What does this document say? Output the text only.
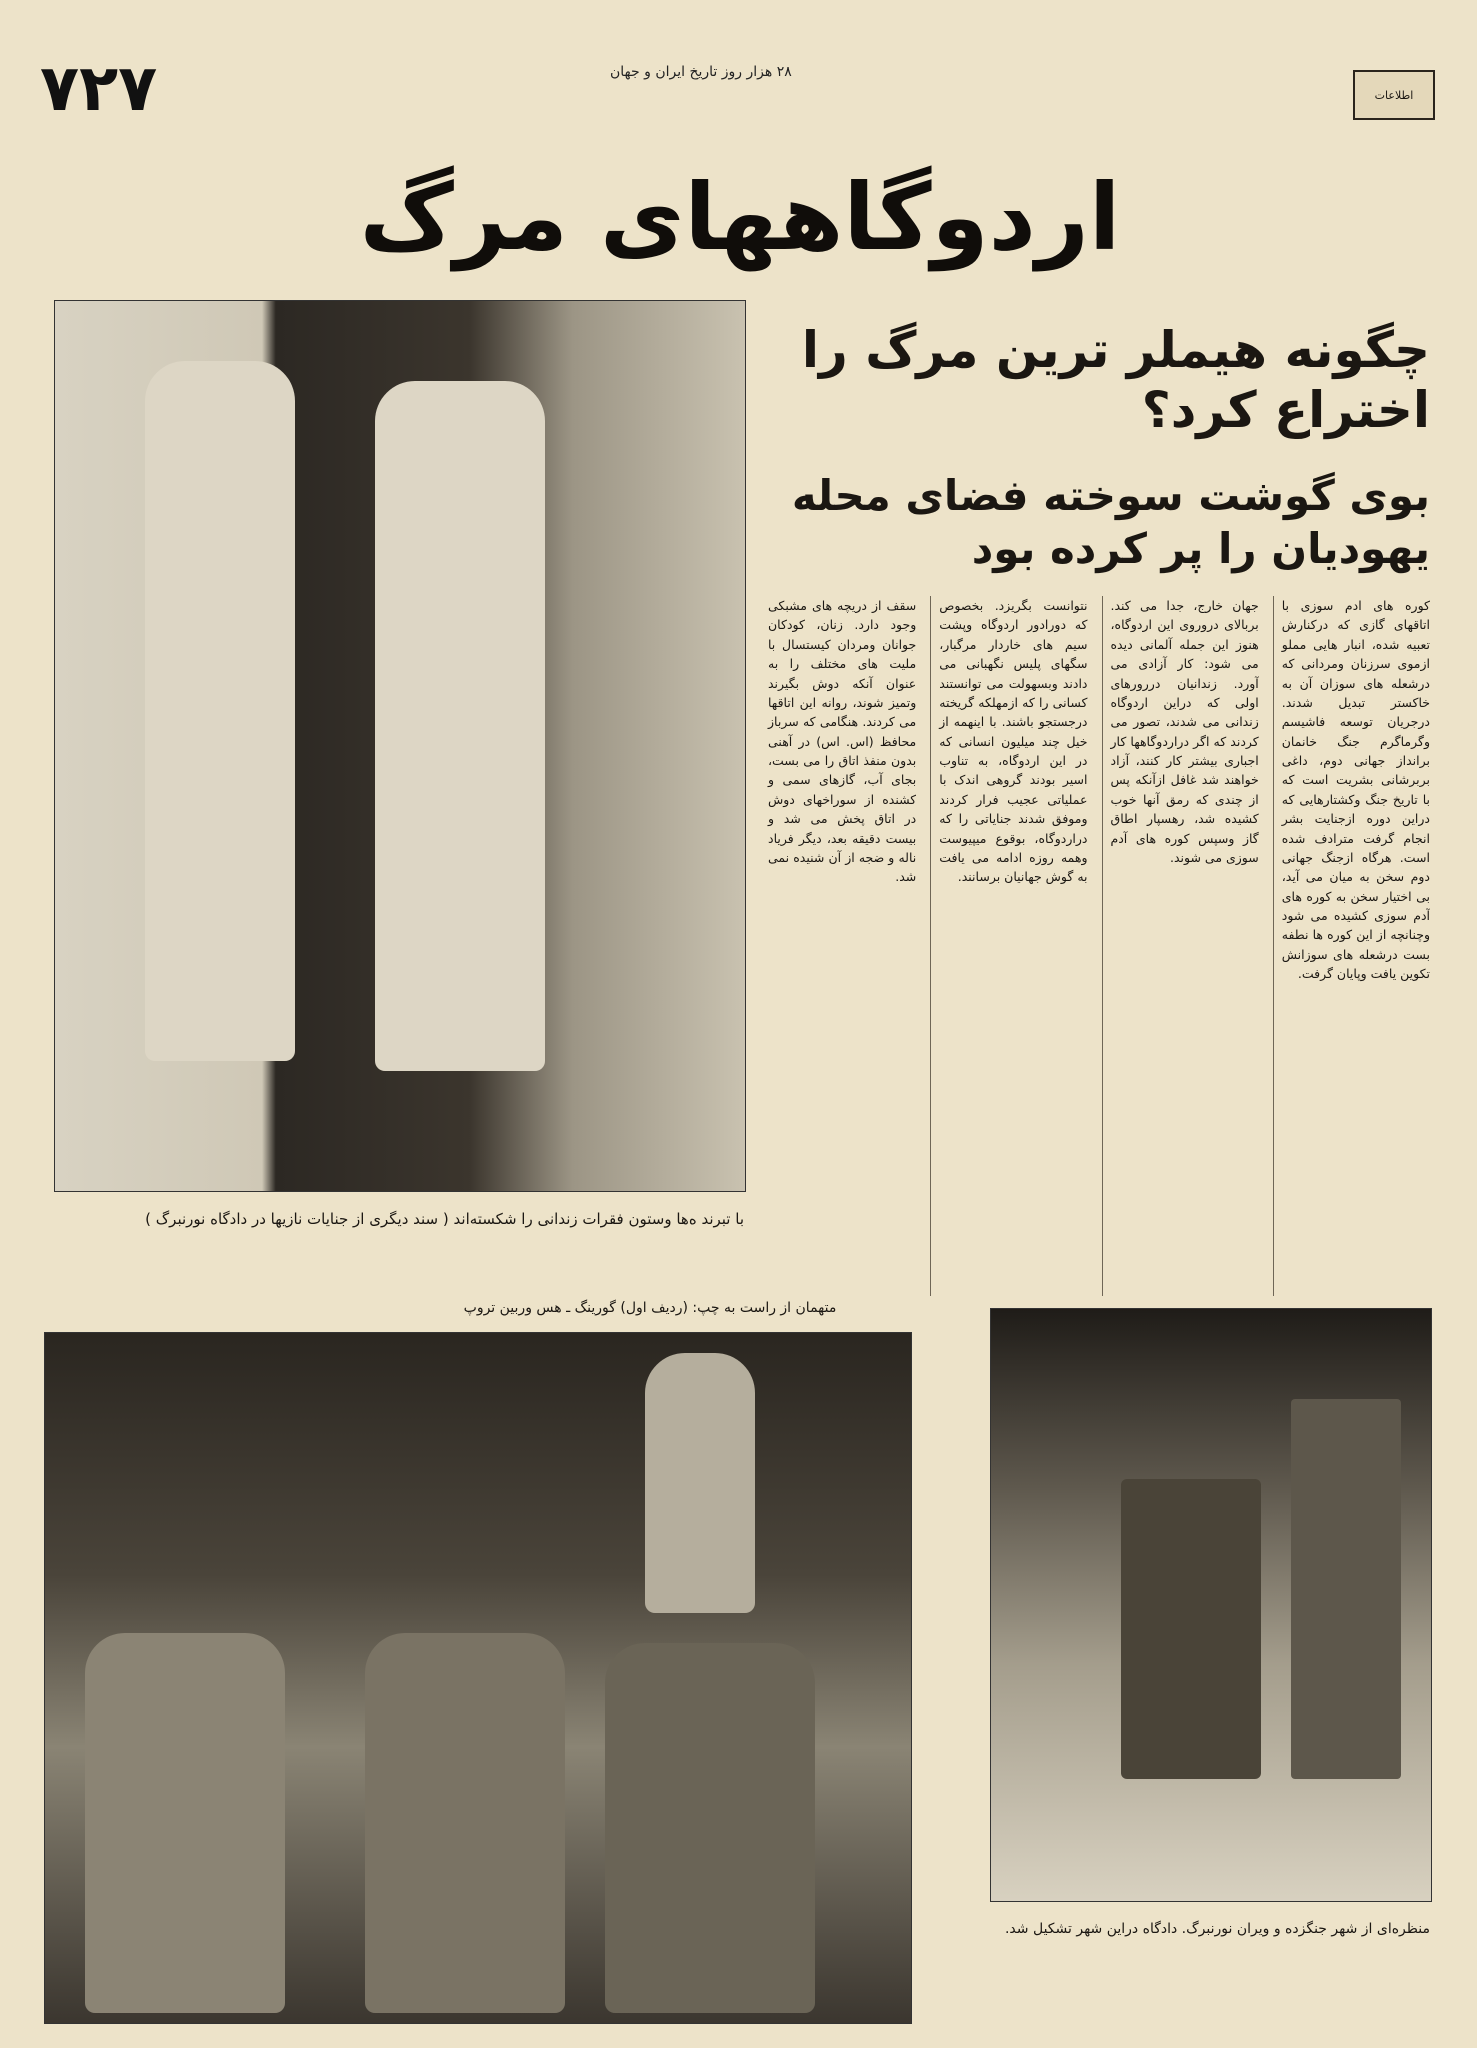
۷۲۷	۲۸ هزار روز تاریخ ایران و جهان
اطلاعات
اردوگاههای مرگ
چگونه هیملر ترین مرگ را اختراع کرد؟
بوی گوشت سوخته فضای محله یهودیان را پر کرده بود
کوره های ادم سوزی با اتاقهای گازی که درکنارش تعبیه شده، انبار هایی مملو ازموی سرزنان ومردانی که درشعله های سوزان آن به خاکستر تبدیل شدند. درجریان توسعه فاشیسم وگرماگرم جنگ خانمان برانداز جهانی دوم، داغی بربرشانی بشریت است که با تاریخ جنگ وکشتارهایی که دراین دوره ازجنایت بشر انجام گرفت مترادف شده است. هرگاه ازجنگ جهانی دوم سخن به میان می آید، بی اختیار سخن به کوره های آدم سوزی کشیده می شود وچنانچه از این کوره ها نطفه بست درشعله های سوزانش تکوین یافت وپایان گرفت.
جهان خارج، جدا می کند. بربالای دروروی این اردوگاه، هنوز این جمله آلمانی دیده می شود: کار آزادی می آورد. زندانیان دررورهای اولی که دراین اردوگاه زندانی می شدند، تصور می کردند که اگر دراردوگاهها کار اجباری بیشتر کار کنند، آزاد خواهند شد غافل ازآنکه پس از چندی که رمق آنها خوب کشیده شد، رهسپار اطاق گاز وسپس کوره های آدم سوزی می شوند.
نتوانست بگریزد. بخصوص که دورادور اردوگاه وپشت سیم های خاردار مرگبار، سگهای پلیس نگهبانی می دادند وبسهولت می توانستند کسانی را که ازمهلکه گریخته درجستجو باشند. با اینهمه از خیل چند میلیون انسانی که در این اردوگاه، به تناوب اسیر بودند گروهی اندک با عملیاتی عجیب فرار کردند وموفق شدند جنایاتی را که دراردوگاه، بوقوع میپیوست وهمه روزه ادامه می یافت به گوش جهانیان برسانند.
سقف از دریچه های مشبکی وجود دارد. زنان، کودکان جوانان ومردان کیستسال با ملیت های مختلف را به عنوان آنکه دوش بگیرند وتمیز شوند، روانه این اتاقها می کردند. هنگامی که سرباز محافظ (اس. اس) در آهنی بدون منفذ اتاق را می بست، بجای آب، گازهای سمی و کشنده از سوراخهای دوش در اتاق پخش می شد و بیست دقیقه بعد، دیگر فریاد ناله و ضجه از آن شنیده نمی شد.
با تبرند ه‌ها وستون فقرات زندانی را شکسته‌اند ( سند دیگری از جنایات نازیها در دادگاه نورنبرگ )
متهمان از راست به چپ: (ردیف اول) گورینگ ـ هس وربین تروپ
منظره‌ای از شهر جنگزده و ویران نورنبرگ. دادگاه دراین شهر تشکیل شد.
